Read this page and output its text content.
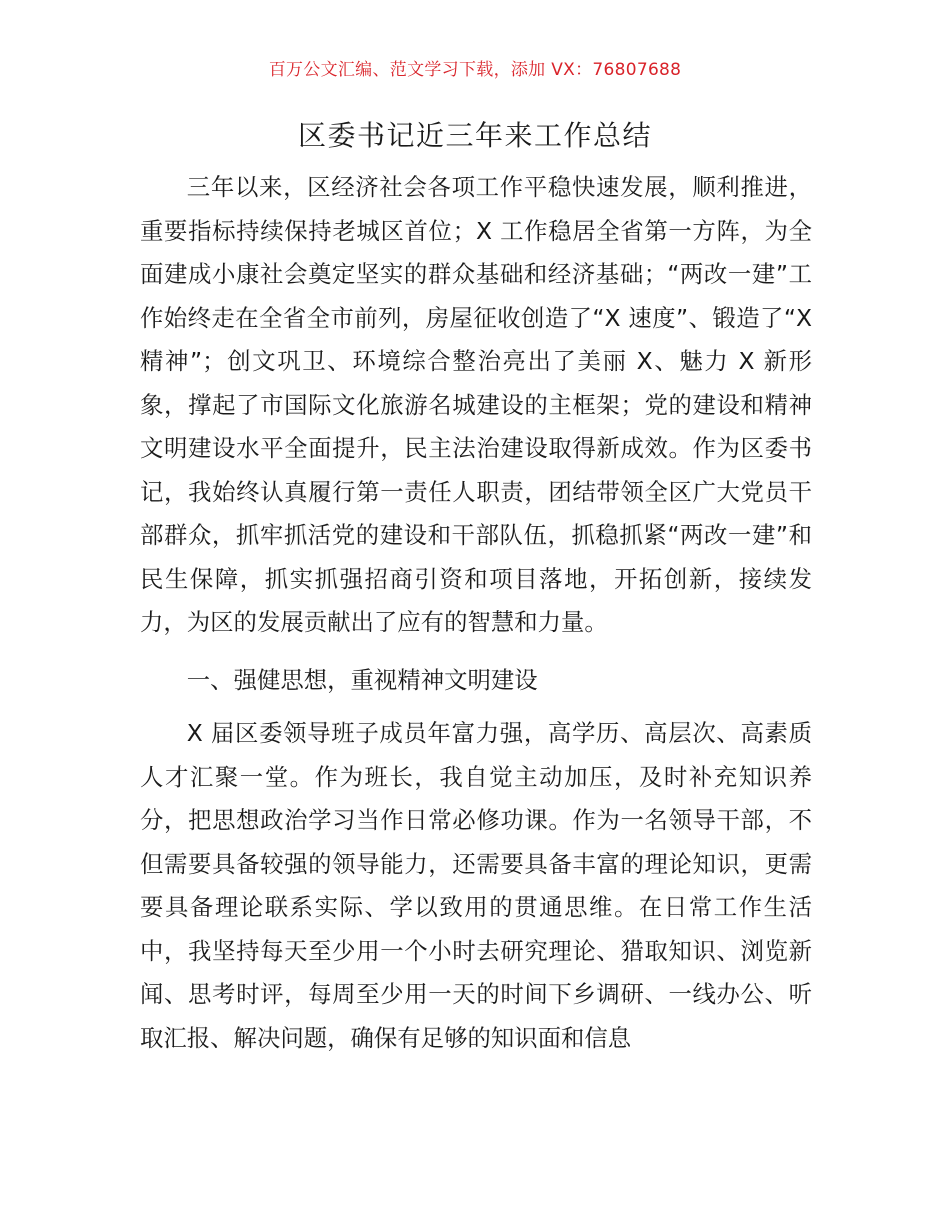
百万公文汇编、范文学习下载，添加 VX：76807688
区委书记近三年来工作总结

三年以来，区经济社会各项工作平稳快速发展，顺利推进，重要指标持续保持老城区首位；X 工作稳居全省第一方阵，为全面建成小康社会奠定坚实的群众基础和经济基础；“两改一建”工作始终走在全省全市前列，房屋征收创造了“X 速度”、锻造了“X 精神”；创文巩卫、环境综合整治亮出了美丽 X、魅力 X 新形象，撑起了市国际文化旅游名城建设的主框架；党的建设和精神文明建设水平全面提升，民主法治建设取得新成效。作为区委书记，我始终认真履行第一责任人职责，团结带领全区广大党员干部群众，抓牢抓活党的建设和干部队伍，抓稳抓紧“两改一建”和民生保障，抓实抓强招商引资和项目落地，开拓创新，接续发力，为区的发展贡献出了应有的智慧和力量。

一、强健思想，重视精神文明建设

X 届区委领导班子成员年富力强，高学历、高层次、高素质人才汇聚一堂。作为班长，我自觉主动加压，及时补充知识养分，把思想政治学习当作日常必修功课。作为一名领导干部，不但需要具备较强的领导能力，还需要具备丰富的理论知识，更需要具备理论联系实际、学以致用的贯通思维。在日常工作生活中，我坚持每天至少用一个小时去研究理论、猎取知识、浏览新闻、思考时评，每周至少用一天的时间下乡调研、一线办公、听取汇报、解决问题，确保有足够的知识面和信息
